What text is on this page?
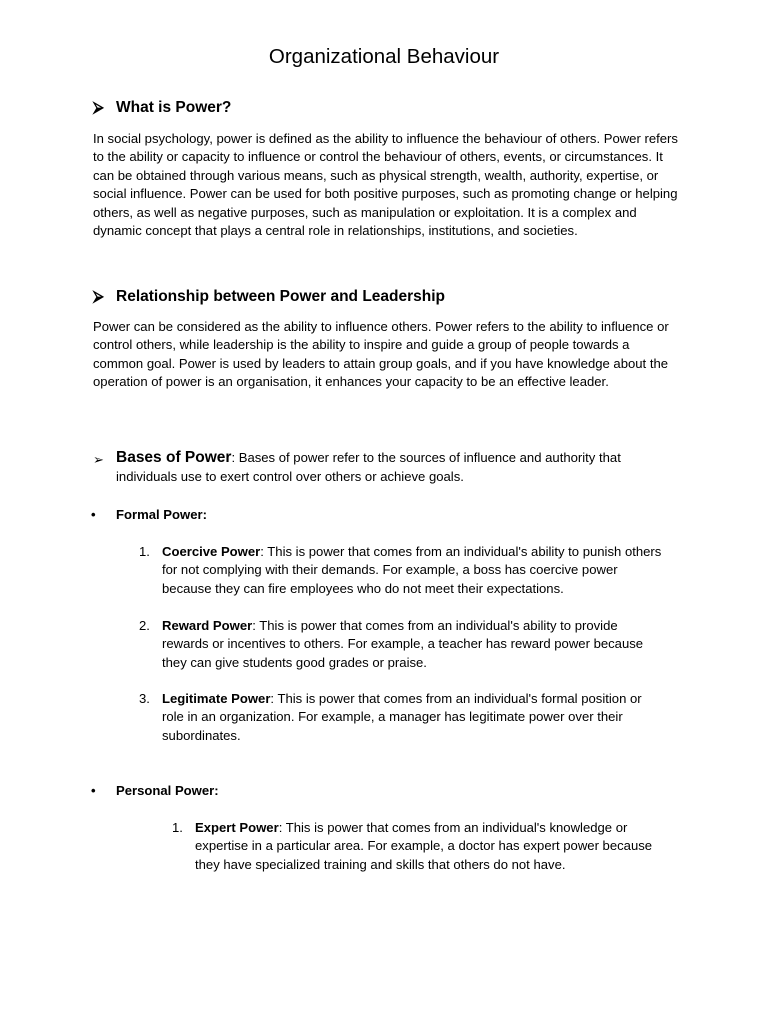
Organizational Behaviour
⮚ What is Power?
In social psychology, power is defined as the ability to influence the behaviour of others. Power refers to the ability or capacity to influence or control the behaviour of others, events, or circumstances. It can be obtained through various means, such as physical strength, wealth, authority, expertise, or social influence. Power can be used for both positive purposes, such as promoting change or helping others, as well as negative purposes, such as manipulation or exploitation. It is a complex and dynamic concept that plays a central role in relationships, institutions, and societies.
⮚ Relationship between Power and Leadership
Power can be considered as the ability to influence others. Power refers to the ability to influence or control others, while leadership is the ability to inspire and guide a group of people towards a common goal. Power is used by leaders to attain group goals, and if you have knowledge about the operation of power is an organisation, it enhances your capacity to be an effective leader.
➢ Bases of Power: Bases of power refer to the sources of influence and authority that individuals use to exert control over others or achieve goals.
• Formal Power:
1. Coercive Power: This is power that comes from an individual's ability to punish others for not complying with their demands. For example, a boss has coercive power because they can fire employees who do not meet their expectations.
2. Reward Power: This is power that comes from an individual's ability to provide rewards or incentives to others. For example, a teacher has reward power because they can give students good grades or praise.
3. Legitimate Power: This is power that comes from an individual's formal position or role in an organization. For example, a manager has legitimate power over their subordinates.
• Personal Power:
1. Expert Power: This is power that comes from an individual's knowledge or expertise in a particular area. For example, a doctor has expert power because they have specialized training and skills that others do not have.
